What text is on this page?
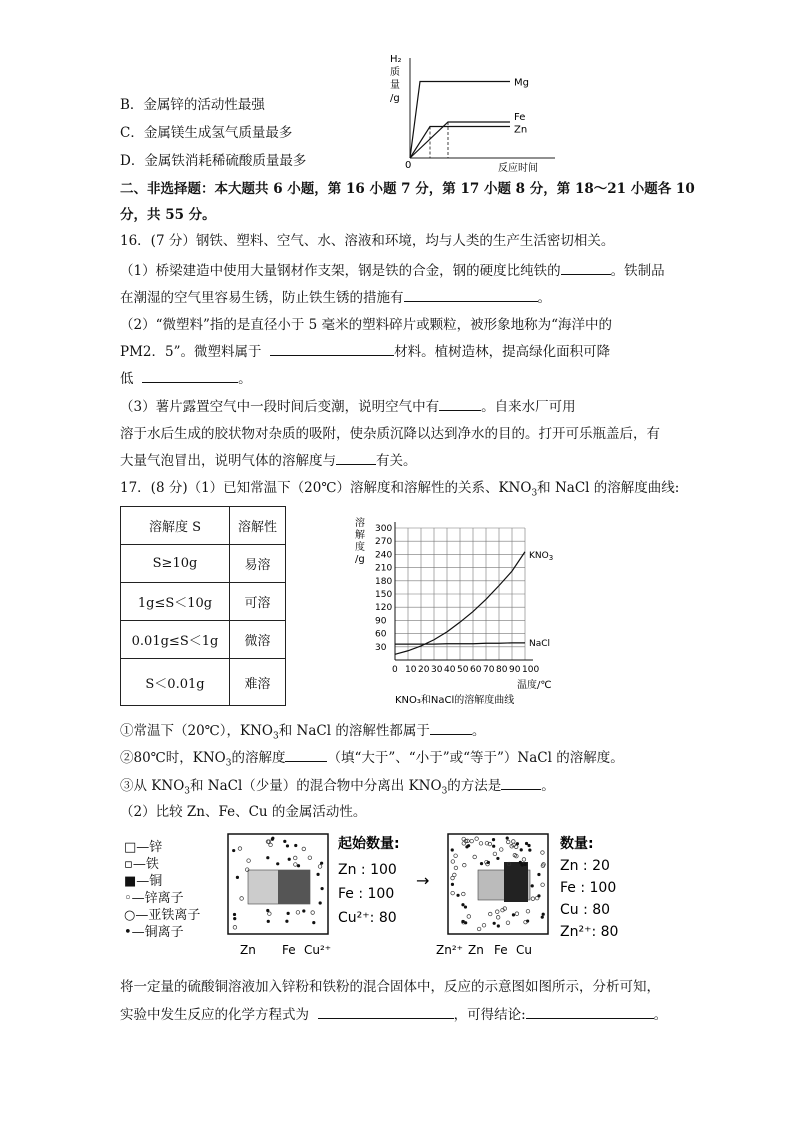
B．金属锌的活动性最强
C．金属镁生成氢气质量最多
D．金属铁消耗稀硫酸质量最多	0	反应时间
Mg
Fe
Zn
H₂
质
量
/g
二、非选择题：本大题共 6 小题，第 16 小题 7 分，第 17 小题 8 分，第 18～21 小题各 10
分，共 55 分。
16．(7 分）钢铁、塑料、空气、水、溶液和环境，均与人类的生产生活密切相关。
（1）桥梁建造中使用大量钢材作支架，钢是铁的合金，钢的硬度比纯铁的	。铁制品
在潮湿的空气里容易生锈，防止铁生锈的措施有	。
（2）“微塑料”指的是直径小于 5 毫米的塑料碎片或颗粒，被形象地称为“海洋中的
PM2．5”。微塑料属于	材料。植树造林，提高绿化面积可降
低	。
（3）薯片露置空气中一段时间后变潮，说明空气中有	。自来水厂可用
溶于水后生成的胶状物对杂质的吸附，使杂质沉降以达到净水的目的。打开可乐瓶盖后，有
大量气泡冒出，说明气体的溶解度与	有关。
17．(8 分)（1）已知常温下（20℃）溶解度和溶解性的关系、$KNO_3$和 NaCl 的溶解度曲线:
溶解度 S	溶解性
S≥10g	易溶
1g≤S＜10g	可溶
0.01g≤S＜1g	微溶
S＜0.01g	难溶
溶
解
度
/g
0 10 20 30 40 50 60 70 80 90 100
30
60
90
120
150
180
210
240
270
300
$KNO_3$
NaCl
温度/℃
KNO₃和NaCl的溶解度曲线
①常温下（20℃），$KNO_3$和 NaCl 的溶解性都属于	。
②80℃时，$KNO_3$的溶解度	（填“大于”、“小于”或“等于”）NaCl 的溶解度。
③从 $KNO_3$和 NaCl（少量）的混合物中分离出 $KNO_3$的方法是	。
（2）比较 Zn、Fe、Cu 的金属活动性。
□—锌
▫—铁
■—铜
◦—锌离子
○—亚铁离子
•—铜离子
Zn Fe Cu²⁺
起始数量:
Zn : 100
Fe : 100
Cu²⁺: 80
→
Zn²⁺ Zn Fe Cu
数量:
Zn : 20
Fe : 100
Cu : 80
Zn²⁺: 80
将一定量的硫酸铜溶液加入锌粉和铁粉的混合固体中，反应的示意图如图所示，分析可知，
实验中发生反应的化学方程式为	，可得结论:	。
